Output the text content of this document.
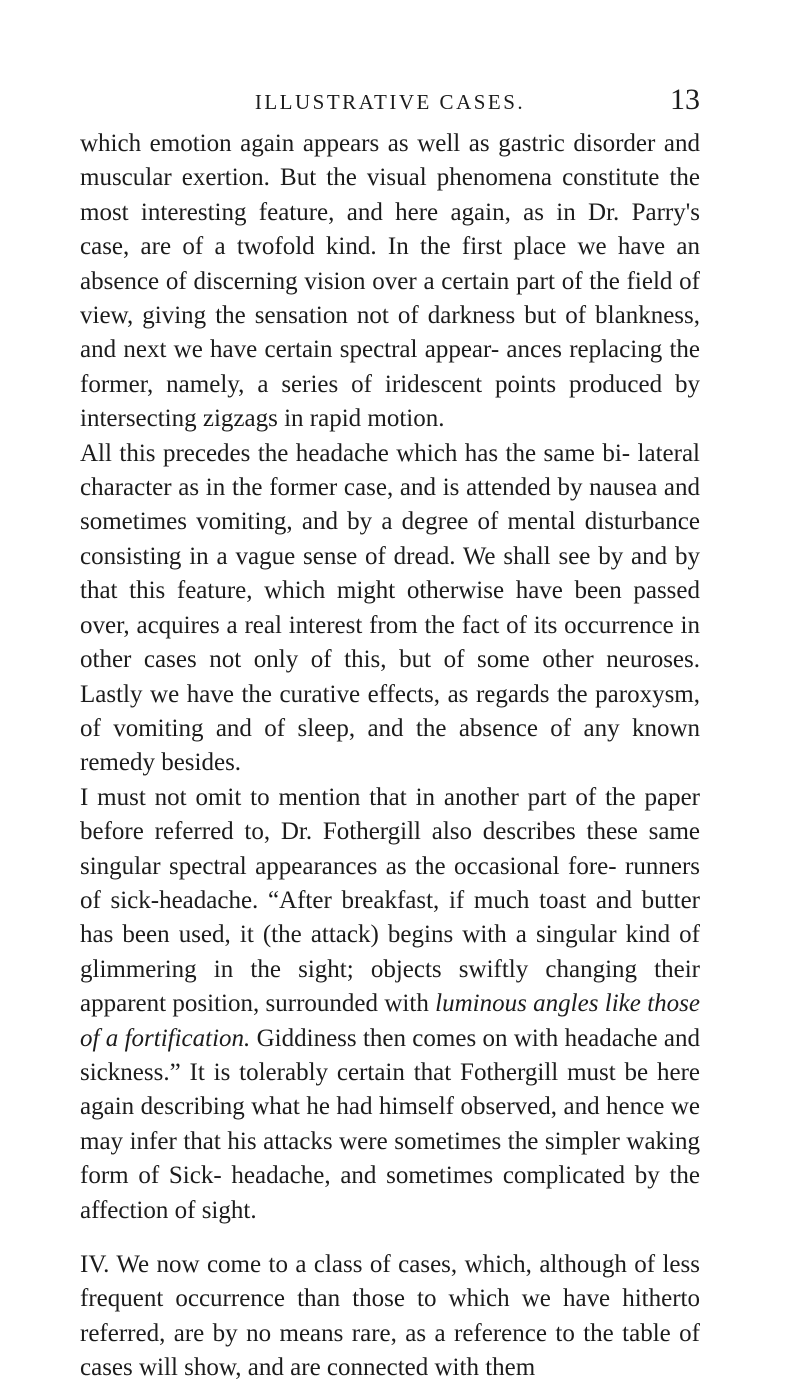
ILLUSTRATIVE CASES.	13

which emotion again appears as well as gastric disorder and muscular exertion. But the visual phenomena constitute the most interesting feature, and here again, as in Dr. Parry's case, are of a twofold kind. In the first place we have an absence of discerning vision over a certain part of the field of view, giving the sensation not of darkness but of blankness, and next we have certain spectral appear- ances replacing the former, namely, a series of iridescent points produced by intersecting zigzags in rapid motion.

All this precedes the headache which has the same bi- lateral character as in the former case, and is attended by nausea and sometimes vomiting, and by a degree of mental disturbance consisting in a vague sense of dread. We shall see by and by that this feature, which might otherwise have been passed over, acquires a real interest from the fact of its occurrence in other cases not only of this, but of some other neuroses. Lastly we have the curative effects, as regards the paroxysm, of vomiting and of sleep, and the absence of any known remedy besides.

I must not omit to mention that in another part of the paper before referred to, Dr. Fothergill also describes these same singular spectral appearances as the occasional fore- runners of sick-headache. “After breakfast, if much toast and butter has been used, it (the attack) begins with a singular kind of glimmering in the sight; objects swiftly changing their apparent position, surrounded with luminous angles like those of a fortification. Giddiness then comes on with headache and sickness.” It is tolerably certain that Fothergill must be here again describing what he had himself observed, and hence we may infer that his attacks were sometimes the simpler waking form of Sick- headache, and sometimes complicated by the affection of sight.

IV. We now come to a class of cases, which, although of less frequent occurrence than those to which we have hitherto referred, are by no means rare, as a reference to the table of cases will show, and are connected with them
